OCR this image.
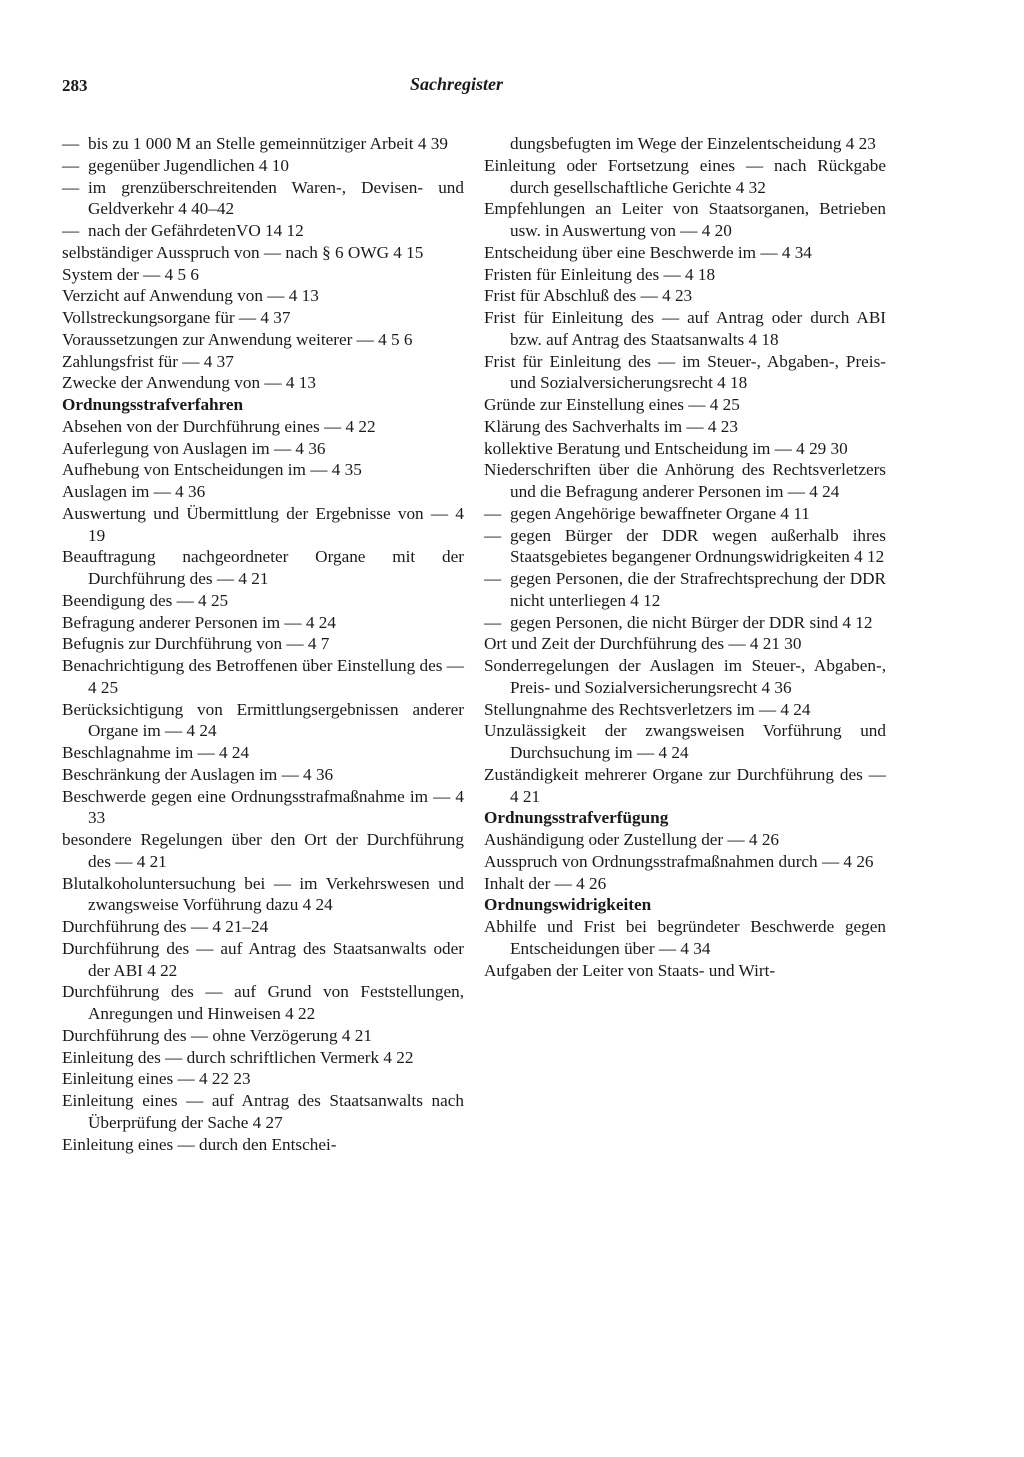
283	Sachregister
— bis zu 1 000 M an Stelle gemeinnütziger Arbeit 4 39
— gegenüber Jugendlichen 4 10
— im grenzüberschreitenden Waren-, Devisen- und Geldverkehr 4 40–42
— nach der GefährdetenVO 14 12
selbständiger Ausspruch von — nach § 6 OWG 4 15
System der — 4 5 6
Verzicht auf Anwendung von — 4 13
Vollstreckungsorgane für — 4 37
Voraussetzungen zur Anwendung weiterer — 4 5 6
Zahlungsfrist für — 4 37
Zwecke der Anwendung von — 4 13
Ordnungsstrafverfahren
Absehen von der Durchführung eines — 4 22
Auferlegung von Auslagen im — 4 36
Aufhebung von Entscheidungen im — 4 35
Auslagen im — 4 36
Auswertung und Übermittlung der Ergebnisse von — 4 19
Beauftragung nachgeordneter Organe mit der Durchführung des — 4 21
Beendigung des — 4 25
Befragung anderer Personen im — 4 24
Befugnis zur Durchführung von — 4 7
Benachrichtigung des Betroffenen über Einstellung des — 4 25
Berücksichtigung von Ermittlungsergebnissen anderer Organe im — 4 24
Beschlagnahme im — 4 24
Beschränkung der Auslagen im — 4 36
Beschwerde gegen eine Ordnungsstrafmaßnahme im — 4 33
besondere Regelungen über den Ort der Durchführung des — 4 21
Blutalkoholuntersuchung bei — im Verkehrswesen und zwangsweise Vorführung dazu 4 24
Durchführung des — 4 21–24
Durchführung des — auf Antrag des Staatsanwalts oder der ABI 4 22
Durchführung des — auf Grund von Feststellungen, Anregungen und Hinweisen 4 22
Durchführung des — ohne Verzögerung 4 21
Einleitung des — durch schriftlichen Vermerk 4 22
Einleitung eines — 4 22 23
Einleitung eines — auf Antrag des Staatsanwalts nach Überprüfung der Sache 4 27
Einleitung eines — durch den Entschei-
dungsbefugten im Wege der Einzelentscheidung 4 23
Einleitung oder Fortsetzung eines — nach Rückgabe durch gesellschaftliche Gerichte 4 32
Empfehlungen an Leiter von Staatsorganen, Betrieben usw. in Auswertung von — 4 20
Entscheidung über eine Beschwerde im — 4 34
Fristen für Einleitung des — 4 18
Frist für Abschluß des — 4 23
Frist für Einleitung des — auf Antrag oder durch ABI bzw. auf Antrag des Staatsanwalts 4 18
Frist für Einleitung des — im Steuer-, Abgaben-, Preis- und Sozialversicherungsrecht 4 18
Gründe zur Einstellung eines — 4 25
Klärung des Sachverhalts im — 4 23
kollektive Beratung und Entscheidung im — 4 29 30
Niederschriften über die Anhörung des Rechtsverletzers und die Befragung anderer Personen im — 4 24
— gegen Angehörige bewaffneter Organe 4 11
— gegen Bürger der DDR wegen außerhalb ihres Staatsgebietes begangener Ordnungswidrigkeiten 4 12
— gegen Personen, die der Strafrechtsprechung der DDR nicht unterliegen 4 12
— gegen Personen, die nicht Bürger der DDR sind 4 12
Ort und Zeit der Durchführung des — 4 21 30
Sonderregelungen der Auslagen im Steuer-, Abgaben-, Preis- und Sozialversicherungsrecht 4 36
Stellungnahme des Rechtsverletzers im — 4 24
Unzulässigkeit der zwangsweisen Vorführung und Durchsuchung im — 4 24
Zuständigkeit mehrerer Organe zur Durchführung des — 4 21
Ordnungsstrafverfügung
Aushändigung oder Zustellung der — 4 26
Ausspruch von Ordnungsstrafmaßnahmen durch — 4 26
Inhalt der — 4 26
Ordnungswidrigkeiten
Abhilfe und Frist bei begründeter Beschwerde gegen Entscheidungen über — 4 34
Aufgaben der Leiter von Staats- und Wirt-
